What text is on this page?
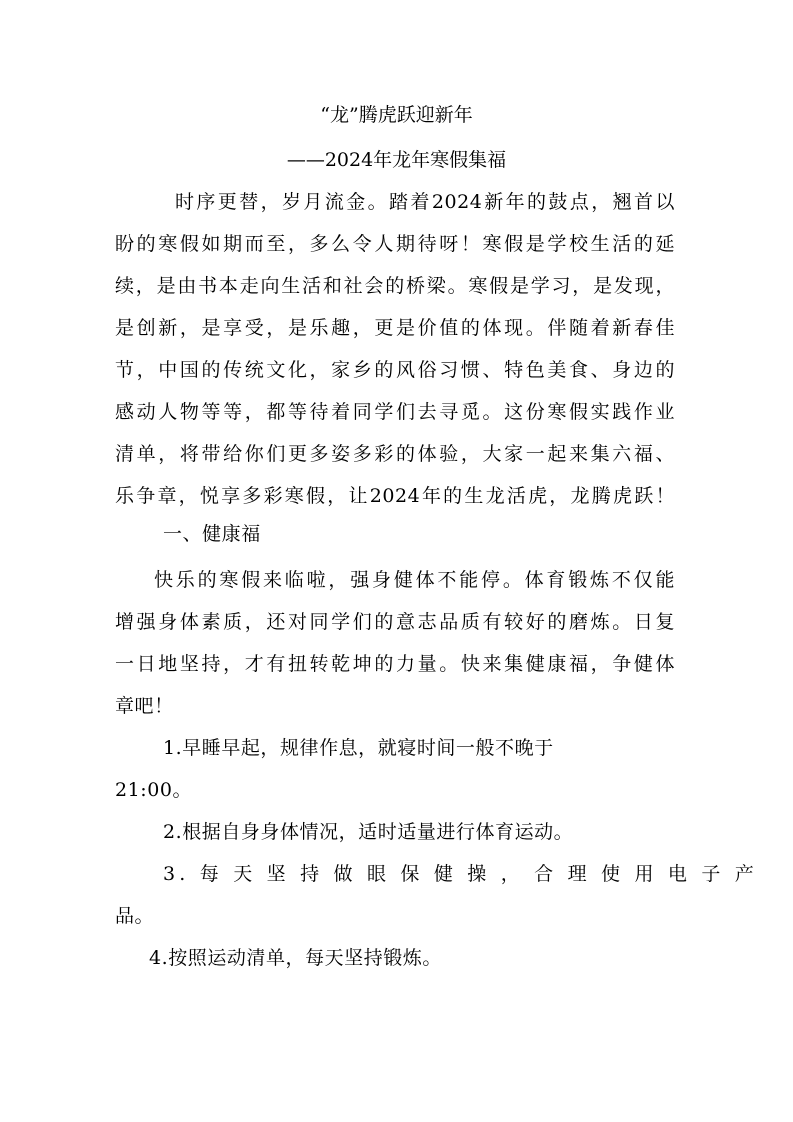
“龙”腾虎跃迎新年
——2024年龙年寒假集福
时序更替，岁月流金。踏着2024新年的鼓点，翘首以
盼的寒假如期而至，多么令人期待呀！寒假是学校生活的延
续，是由书本走向生活和社会的桥梁。寒假是学习，是发现，
是创新，是享受，是乐趣，更是价值的体现。伴随着新春佳
节，中国的传统文化，家乡的风俗习惯、特色美食、身边的
感动人物等等，都等待着同学们去寻觅。这份寒假实践作业
清单，将带给你们更多姿多彩的体验，大家一起来集六福、
乐争章，悦享多彩寒假，让2024年的生龙活虎，龙腾虎跃！
一、健康福
快乐的寒假来临啦，强身健体不能停。体育锻炼不仅能
增强身体素质，还对同学们的意志品质有较好的磨炼。日复
一日地坚持，才有扭转乾坤的力量。快来集健康福，争健体
章吧！
1.早睡早起，规律作息，就寝时间一般不晚于
21:00。
2.根据自身身体情况，适时适量进行体育运动。
3. 每 天 坚 持 做 眼 保 健 操 ， 合 理 使 用 电 子 产
品。
4.按照运动清单，每天坚持锻炼。
